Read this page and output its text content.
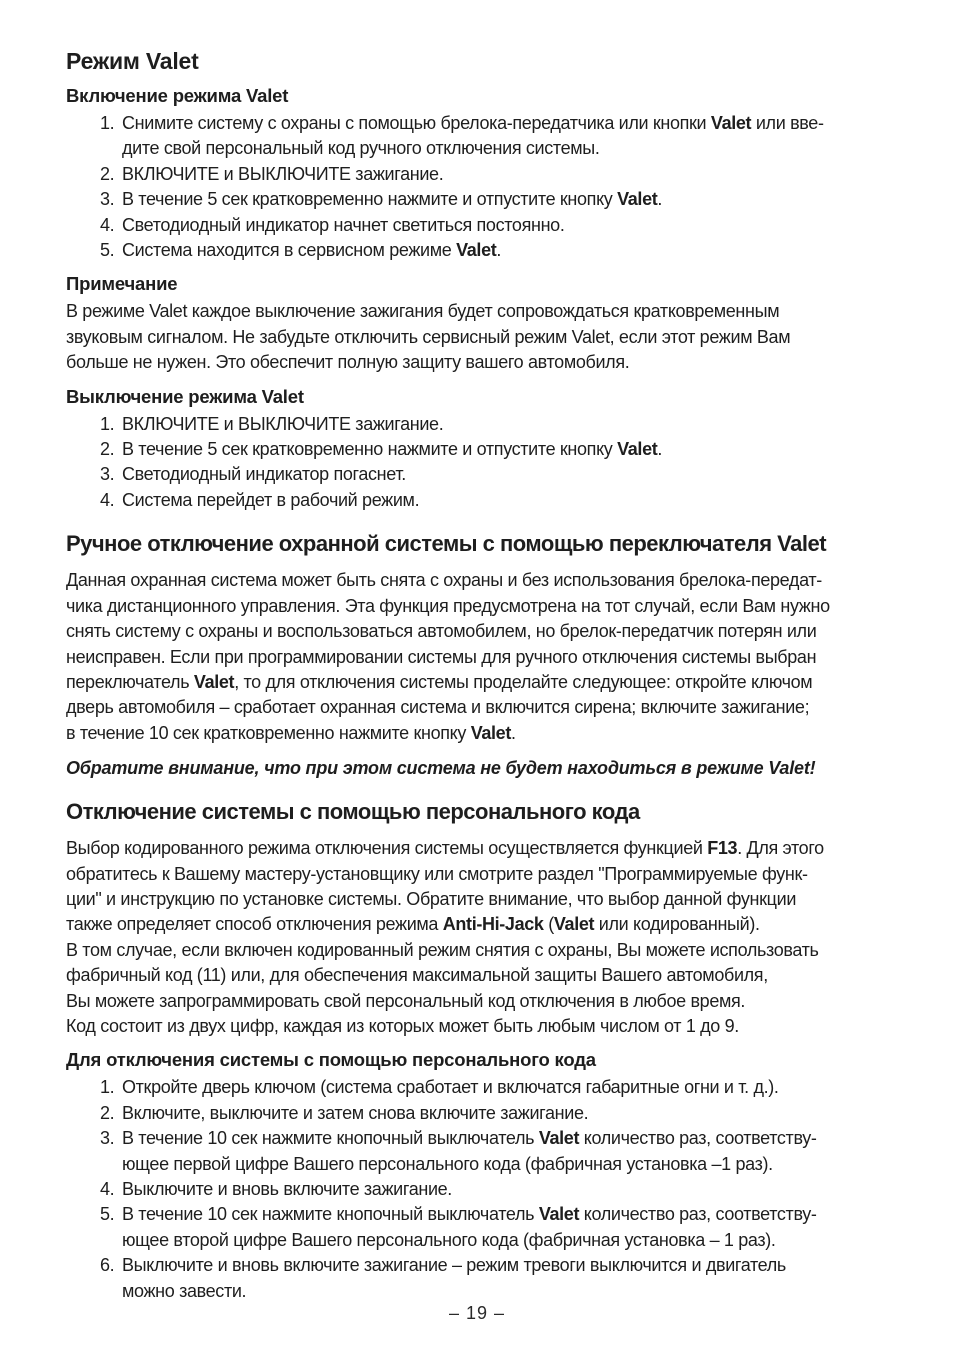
Режим Valet
Включение режима Valet
1. Снимите систему с охраны с помощью брелока-передатчика или кнопки Valet или вве-
дите свой персональный код ручного отключения системы.
2. ВКЛЮЧИТЕ и ВЫКЛЮЧИТЕ зажигание.
3. В течение 5 сек кратковременно нажмите и отпустите кнопку Valet.
4. Светодиодный индикатор начнет светиться постоянно.
5. Система находится в сервисном режиме Valet.
Примечание
В режиме Valet каждое выключение зажигания будет сопровождаться кратковременным
звуковым сигналом. Не забудьте отключить сервисный режим Valet, если этот режим Вам
больше не нужен. Это обеспечит полную защиту вашего автомобиля.
Выключение режима Valet
1. ВКЛЮЧИТЕ и ВЫКЛЮЧИТЕ зажигание.
2. В течение 5 сек кратковременно нажмите и отпустите кнопку Valet.
3. Светодиодный индикатор погаснет.
4. Система перейдет в рабочий режим.
Ручное отключение охранной системы с помощью переключателя Valet
Данная охранная система может быть снята с охраны и без использования брелока-передат-
чика дистанционного управления. Эта функция предусмотрена на тот случай, если Вам нужно
снять систему с охраны и воспользоваться автомобилем, но брелок-передатчик потерян или
неисправен. Если при программировании системы для ручного отключения системы выбран
переключатель Valet, то для отключения системы проделайте следующее: откройте ключом
дверь автомобиля – сработает охранная система и включится сирена; включите зажигание;
в течение 10 сек кратковременно нажмите кнопку Valet.

Обратите внимание, что при этом система не будет находиться в режиме Valet!

Отключение системы с помощью персонального кода
Выбор кодированного режима отключения системы осуществляется функцией F13. Для этого
обратитесь к Вашему мастеру-установщику или смотрите раздел "Программируемые функ-
ции" и инструкцию по установке системы. Обратите внимание, что выбор данной функции
также определяет способ отключения режима Anti-Hi-Jack (Valet или кодированный).
В том случае, если включен кодированный режим снятия с охраны, Вы можете использовать
фабричный код (11) или, для обеспечения максимальной защиты Вашего автомобиля,
Вы можете запрограммировать свой персональный код отключения в любое время.
Код состоит из двух цифр, каждая из которых может быть любым числом от 1 до 9.
Для отключения системы с помощью персонального кода
1. Откройте дверь ключом (система сработает и включатся габаритные огни и т. д.).
2. Включите, выключите и затем снова включите зажигание.
3. В течение 10 сек нажмите кнопочный выключатель Valet количество раз, соответству-
ющее первой цифре Вашего персонального кода (фабричная установка –1 раз).
4. Выключите и вновь включите зажигание.
5. В течение 10 сек нажмите кнопочный выключатель Valet количество раз, соответству-
ющее второй цифре Вашего персонального кода (фабричная установка – 1 раз).
6. Выключите и вновь включите зажигание – режим тревоги выключится и двигатель
можно завести.
– 19 –
